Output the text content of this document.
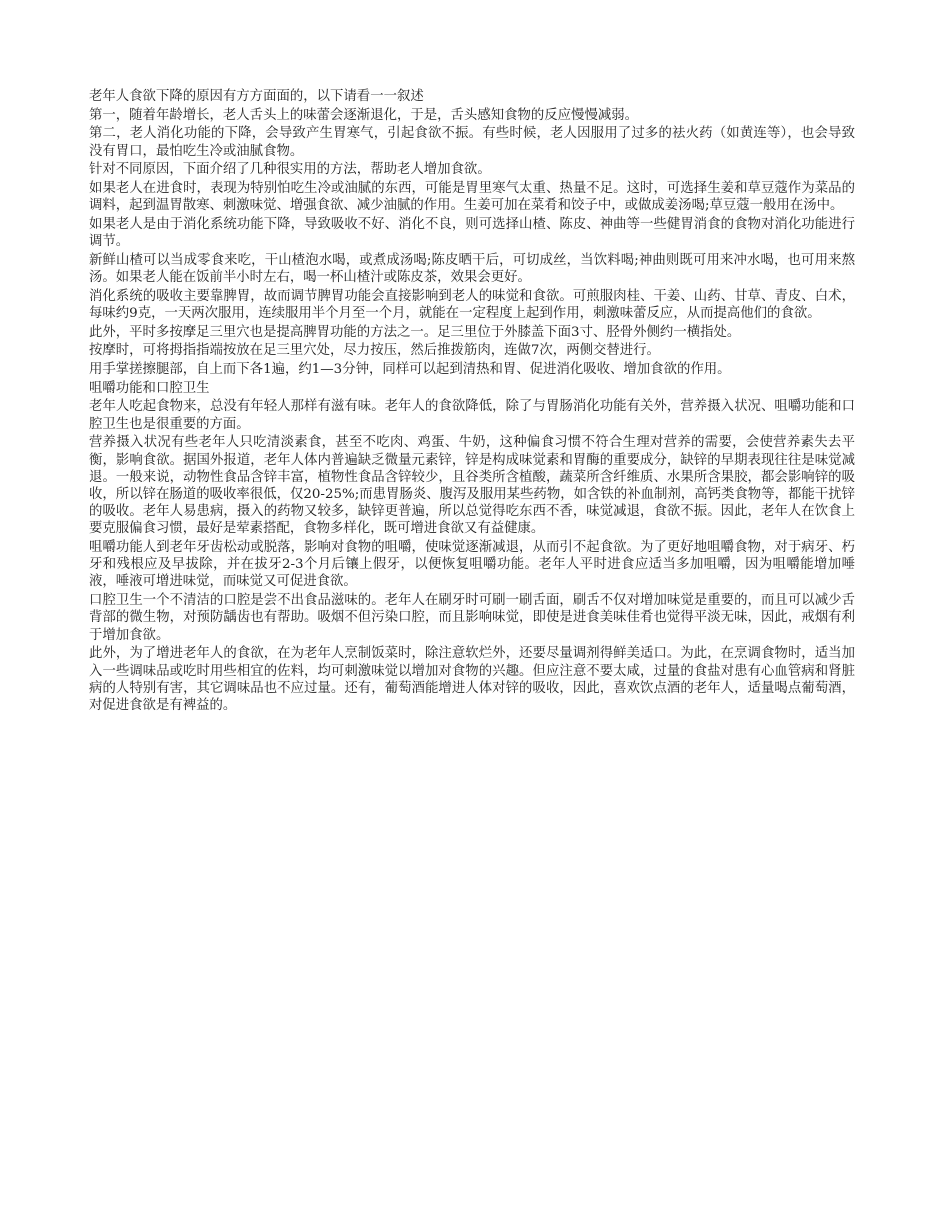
老年人食欲下降的原因有方方面面的，以下请看一一叙述

第一，随着年龄增长，老人舌头上的味蕾会逐渐退化，于是，舌头感知食物的反应慢慢减弱。

第二，老人消化功能的下降，会导致产生胃寒气，引起食欲不振。有些时候，老人因服用了过多的祛火药（如黄连等），也会导致没有胃口，最怕吃生冷或油腻食物。

针对不同原因，下面介绍了几种很实用的方法，帮助老人增加食欲。

如果老人在进食时，表现为特别怕吃生冷或油腻的东西，可能是胃里寒气太重、热量不足。这时，可选择生姜和草豆蔻作为菜品的调料，起到温胃散寒、刺激味觉、增强食欲、减少油腻的作用。生姜可加在菜肴和饺子中，或做成姜汤喝;草豆蔻一般用在汤中。

如果老人是由于消化系统功能下降，导致吸收不好、消化不良，则可选择山楂、陈皮、神曲等一些健胃消食的食物对消化功能进行调节。

新鲜山楂可以当成零食来吃，干山楂泡水喝，或煮成汤喝;陈皮晒干后，可切成丝，当饮料喝;神曲则既可用来冲水喝，也可用来熬汤。如果老人能在饭前半小时左右，喝一杯山楂汁或陈皮茶，效果会更好。

消化系统的吸收主要靠脾胃，故而调节脾胃功能会直接影响到老人的味觉和食欲。可煎服肉桂、干姜、山药、甘草、青皮、白术，每味约9克，一天两次服用，连续服用半个月至一个月，就能在一定程度上起到作用，刺激味蕾反应，从而提高他们的食欲。

此外，平时多按摩足三里穴也是提高脾胃功能的方法之一。足三里位于外膝盖下面3寸、胫骨外侧约一横指处。

按摩时，可将拇指指端按放在足三里穴处，尽力按压，然后推拨筋肉，连做7次，两侧交替进行。

用手掌搓擦腿部，自上而下各1遍，约1—3分钟，同样可以起到清热和胃、促进消化吸收、增加食欲的作用。

咀嚼功能和口腔卫生

老年人吃起食物来，总没有年轻人那样有滋有味。老年人的食欲降低，除了与胃肠消化功能有关外，营养摄入状况、咀嚼功能和口腔卫生也是很重要的方面。

营养摄入状况有些老年人只吃清淡素食，甚至不吃肉、鸡蛋、牛奶，这种偏食习惯不符合生理对营养的需要，会使营养素失去平衡，影响食欲。据国外报道，老年人体内普遍缺乏微量元素锌，锌是构成味觉素和胃酶的重要成分，缺锌的早期表现往往是味觉减退。一般来说，动物性食品含锌丰富，植物性食品含锌较少，且谷类所含植酸，蔬菜所含纤维质、水果所含果胶，都会影响锌的吸收，所以锌在肠道的吸收率很低，仅20-25%;而患胃肠炎、腹泻及服用某些药物，如含铁的补血制剂，高钙类食物等，都能干扰锌的吸收。老年人易患病，摄入的药物又较多，缺锌更普遍，所以总觉得吃东西不香，味觉减退，食欲不振。因此，老年人在饮食上要克服偏食习惯，最好是荤素搭配，食物多样化，既可增进食欲又有益健康。

咀嚼功能人到老年牙齿松动或脱落，影响对食物的咀嚼，使味觉逐渐减退，从而引不起食欲。为了更好地咀嚼食物，对于病牙、朽牙和残根应及早拔除，并在拔牙2-3个月后镶上假牙，以便恢复咀嚼功能。老年人平时进食应适当多加咀嚼，因为咀嚼能增加唾液，唾液可增进味觉，而味觉又可促进食欲。

口腔卫生一个不清洁的口腔是尝不出食品滋味的。老年人在刷牙时可刷一刷舌面，刷舌不仅对增加味觉是重要的，而且可以减少舌背部的微生物，对预防龋齿也有帮助。吸烟不但污染口腔，而且影响味觉，即使是进食美味佳肴也觉得平淡无味，因此，戒烟有利于增加食欲。

此外，为了增进老年人的食欲，在为老年人烹制饭菜时，除注意软烂外，还要尽量调剂得鲜美适口。为此，在烹调食物时，适当加入一些调味品或吃时用些相宜的佐料，均可刺激味觉以增加对食物的兴趣。但应注意不要太咸，过量的食盐对患有心血管病和肾脏病的人特别有害，其它调味品也不应过量。还有，葡萄酒能增进人体对锌的吸收，因此，喜欢饮点酒的老年人，适量喝点葡萄酒，对促进食欲是有裨益的。
